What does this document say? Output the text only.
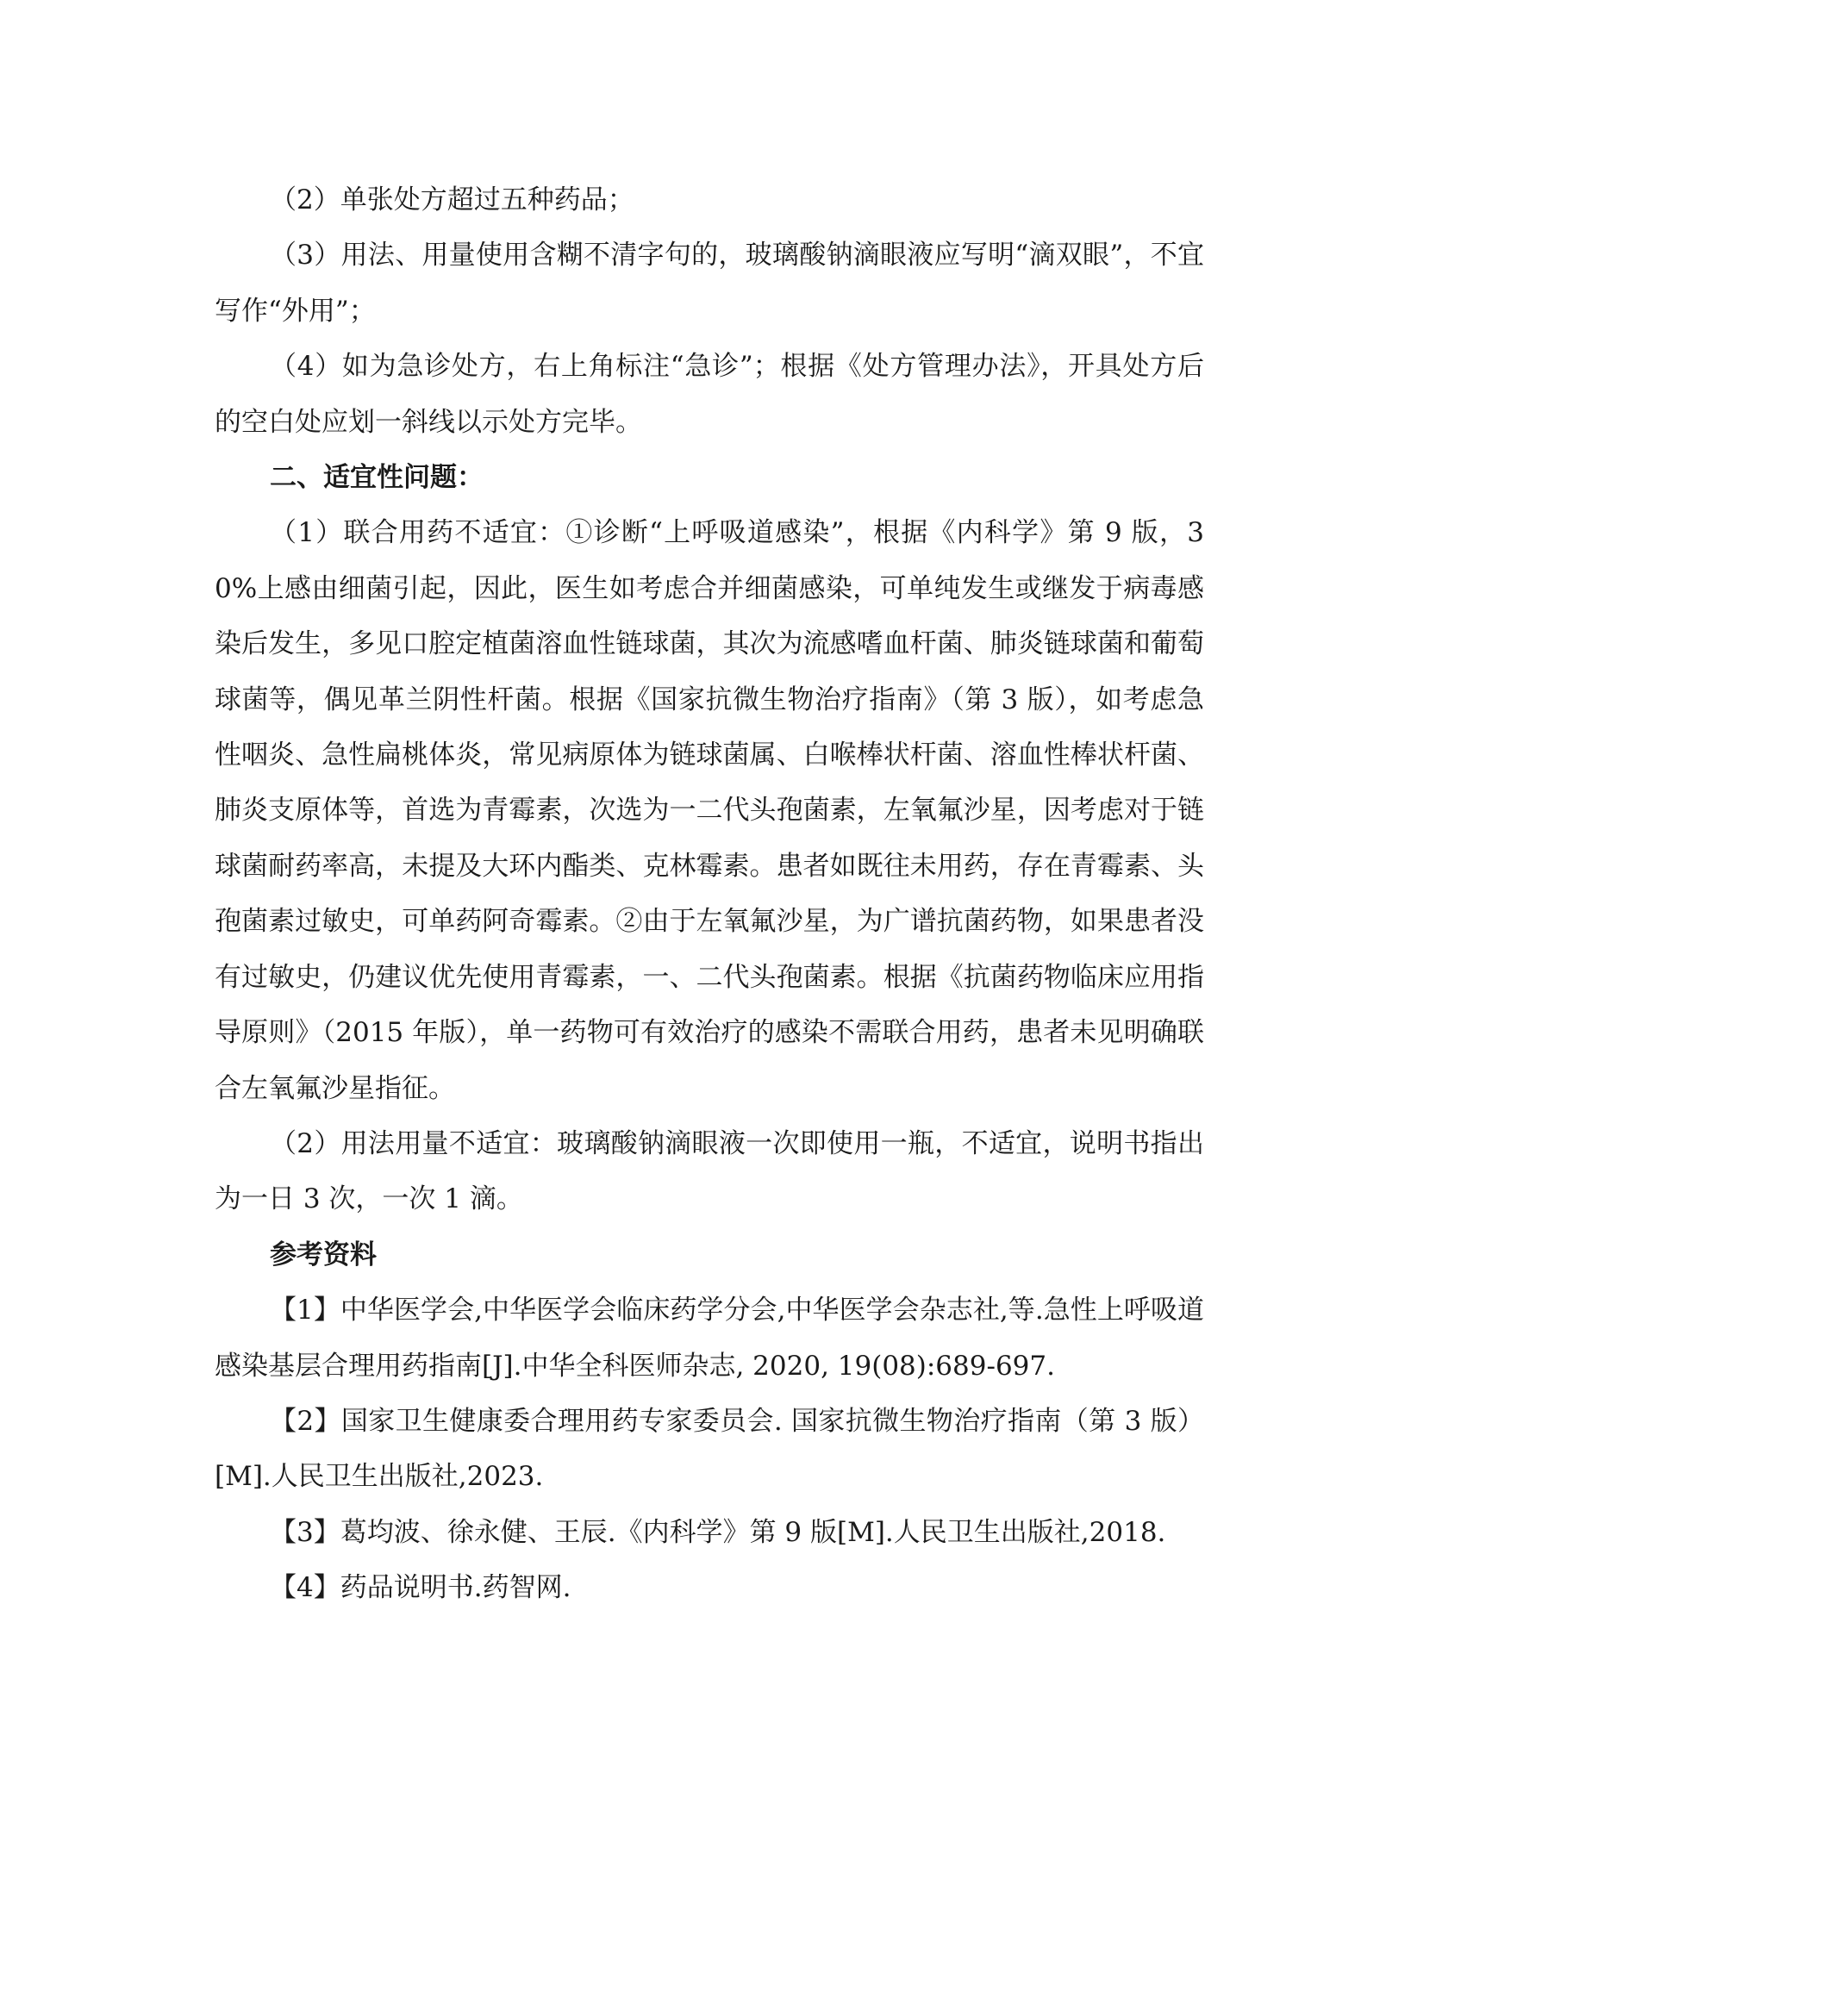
（2）单张处方超过五种药品；

（3）用法、用量使用含糊不清字句的，玻璃酸钠滴眼液应写明“滴双眼”，不宜写作“外用”；

（4）如为急诊处方，右上角标注“急诊”；根据《处方管理办法》，开具处方后的空白处应划一斜线以示处方完毕。

二、适宜性问题：

（1）联合用药不适宜：①诊断“上呼吸道感染”，根据《内科学》第 9 版，30%上感由细菌引起，因此，医生如考虑合并细菌感染，可单纯发生或继发于病毒感染后发生，多见口腔定植菌溶血性链球菌，其次为流感嗜血杆菌、肺炎链球菌和葡萄球菌等，偶见革兰阴性杆菌。根据《国家抗微生物治疗指南》（第 3 版），如考虑急性咽炎、急性扁桃体炎，常见病原体为链球菌属、白喉棒状杆菌、溶血性棒状杆菌、肺炎支原体等，首选为青霉素，次选为一二代头孢菌素，左氧氟沙星，因考虑对于链球菌耐药率高，未提及大环内酯类、克林霉素。患者如既往未用药，存在青霉素、头孢菌素过敏史，可单药阿奇霉素。②由于左氧氟沙星，为广谱抗菌药物，如果患者没有过敏史，仍建议优先使用青霉素，一、二代头孢菌素。根据《抗菌药物临床应用指导原则》（2015 年版），单一药物可有效治疗的感染不需联合用药，患者未见明确联合左氧氟沙星指征。

（2）用法用量不适宜：玻璃酸钠滴眼液一次即使用一瓶，不适宜，说明书指出为一日 3 次，一次 1 滴。

参考资料

【1】中华医学会,中华医学会临床药学分会,中华医学会杂志社,等.急性上呼吸道感染基层合理用药指南[J].中华全科医师杂志, 2020, 19(08):689-697.

【2】国家卫生健康委合理用药专家委员会. 国家抗微生物治疗指南（第 3 版）[M].人民卫生出版社,2023.

【3】葛均波、徐永健、王辰.《内科学》第 9 版[M].人民卫生出版社,2018.

【4】药品说明书.药智网.
